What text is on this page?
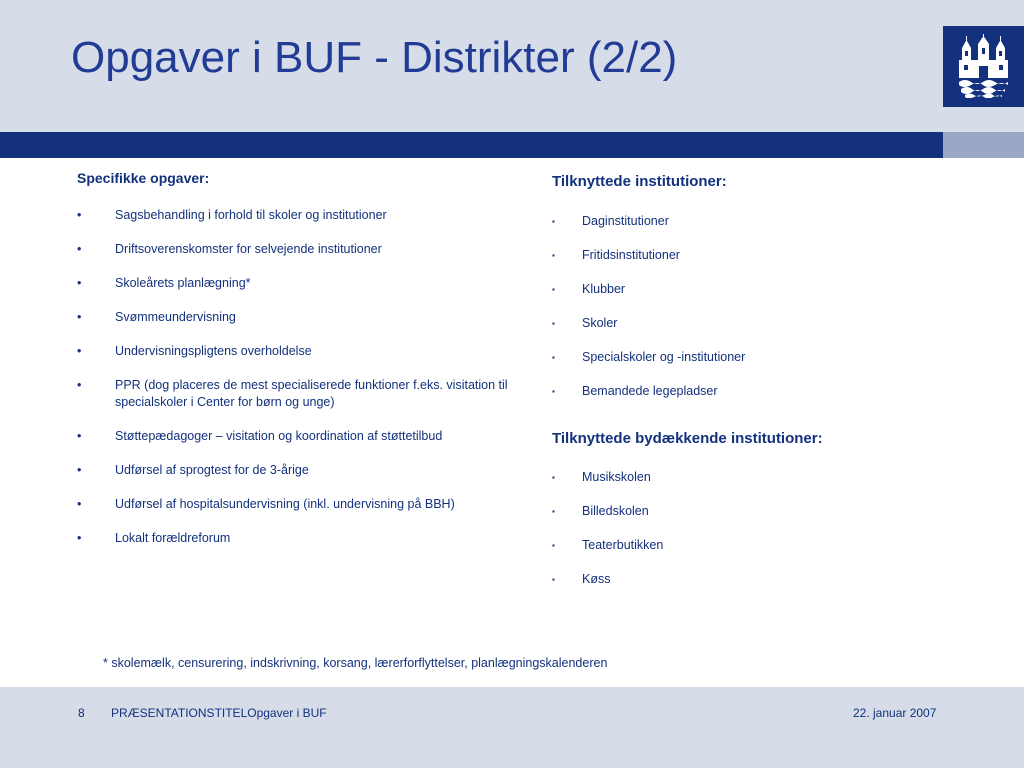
Opgaver i BUF - Distrikter (2/2)
Specifikke opgaver:
•	Sagsbehandling i forhold til skoler og institutioner
•	Driftsoverenskomster for selvejende institutioner
•	Skoleårets planlægning*
•	Svømmeundervisning
•	Undervisningspligtens overholdelse
•	PPR (dog placeres de mest specialiserede funktioner f.eks. visitation til specialskoler i Center for børn og unge)
•	Støttepædagoger – visitation og koordination af støttetilbud
•	Udførsel af sprogtest for de 3-årige
•	Udførsel af hospitalsundervisning (inkl. undervisning på BBH)
•	Lokalt forældreforum
Tilknyttede institutioner:
▪	Daginstitutioner
▪	Fritidsinstitutioner
▪	Klubber
▪	Skoler
▪	Specialskoler og -institutioner
▪	Bemandede legepladser
Tilknyttede bydækkende institutioner:
▪	Musikskolen
▪	Billedskolen
▪	Teaterbutikken
▪	Køss
* skolemælk, censurering, indskrivning, korsang, lærerforflyttelser, planlægningskalenderen
8 PRÆSENTATIONSTITELOpgaver i BUF	22. januar 2007
